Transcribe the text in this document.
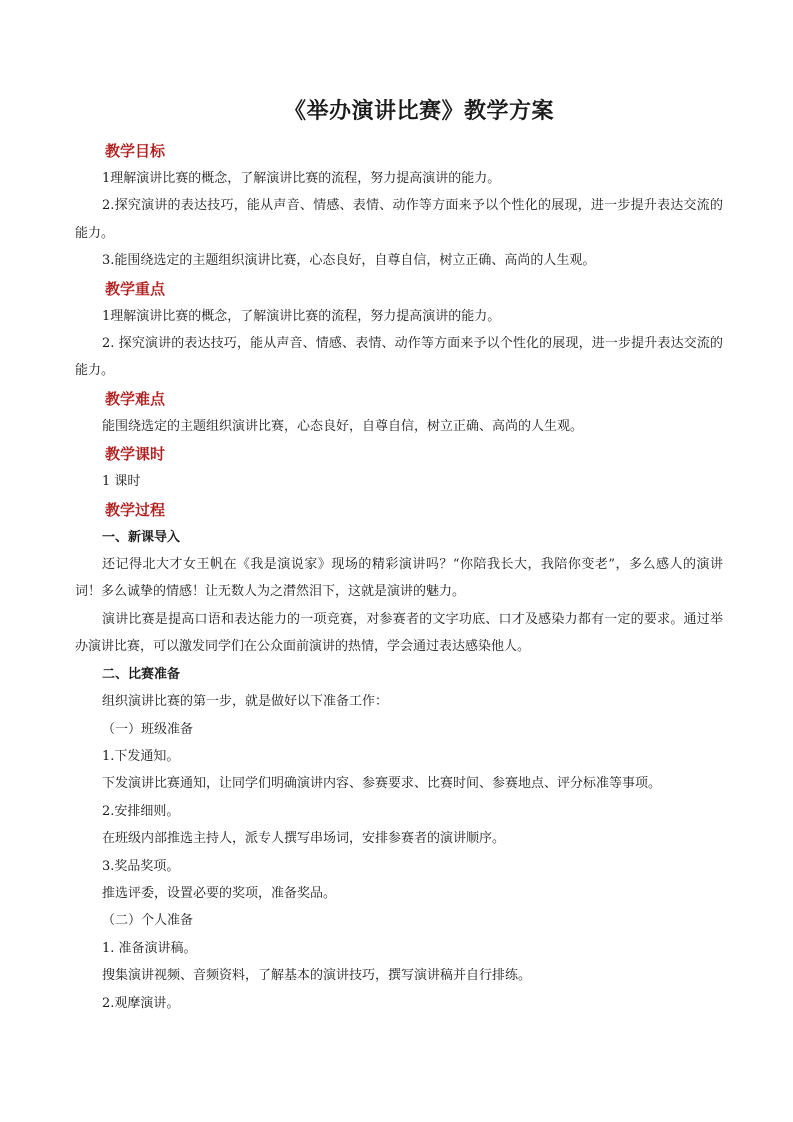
《举办演讲比赛》教学方案
教学目标

1理解演讲比赛的概念，了解演讲比赛的流程，努力提高演讲的能力。

2.探究演讲的表达技巧，能从声音、情感、表情、动作等方面来予以个性化的展现，进一步提升表达交流的能力。

3.能围绕选定的主题组织演讲比赛，心态良好，自尊自信，树立正确、高尚的人生观。

教学重点

1理解演讲比赛的概念，了解演讲比赛的流程，努力提高演讲的能力。

2. 探究演讲的表达技巧，能从声音、情感、表情、动作等方面来予以个性化的展现，进一步提升表达交流的能力。

教学难点

能围绕选定的主题组织演讲比赛，心态良好，自尊自信，树立正确、高尚的人生观。

教学课时

1 课时

教学过程

一、新课导入

还记得北大才女王帆在《我是演说家》现场的精彩演讲吗？“你陪我长大，我陪你变老”，多么感人的演讲词！多么诚挚的情感！让无数人为之潸然泪下，这就是演讲的魅力。

演讲比赛是提高口语和表达能力的一项竞赛，对参赛者的文字功底、口才及感染力都有一定的要求。通过举办演讲比赛，可以激发同学们在公众面前演讲的热情，学会通过表达感染他人。

二、比赛准备

组织演讲比赛的第一步，就是做好以下准备工作：

（一）班级准备

1.下发通知。

下发演讲比赛通知，让同学们明确演讲内容、参赛要求、比赛时间、参赛地点、评分标准等事项。

2.安排细则。

在班级内部推选主持人，派专人撰写串场词，安排参赛者的演讲顺序。

3.奖品奖项。

推选评委，设置必要的奖项，准备奖品。

（二）个人准备

1. 准备演讲稿。

搜集演讲视频、音频资料，了解基本的演讲技巧，撰写演讲稿并自行排练。

2.观摩演讲。
